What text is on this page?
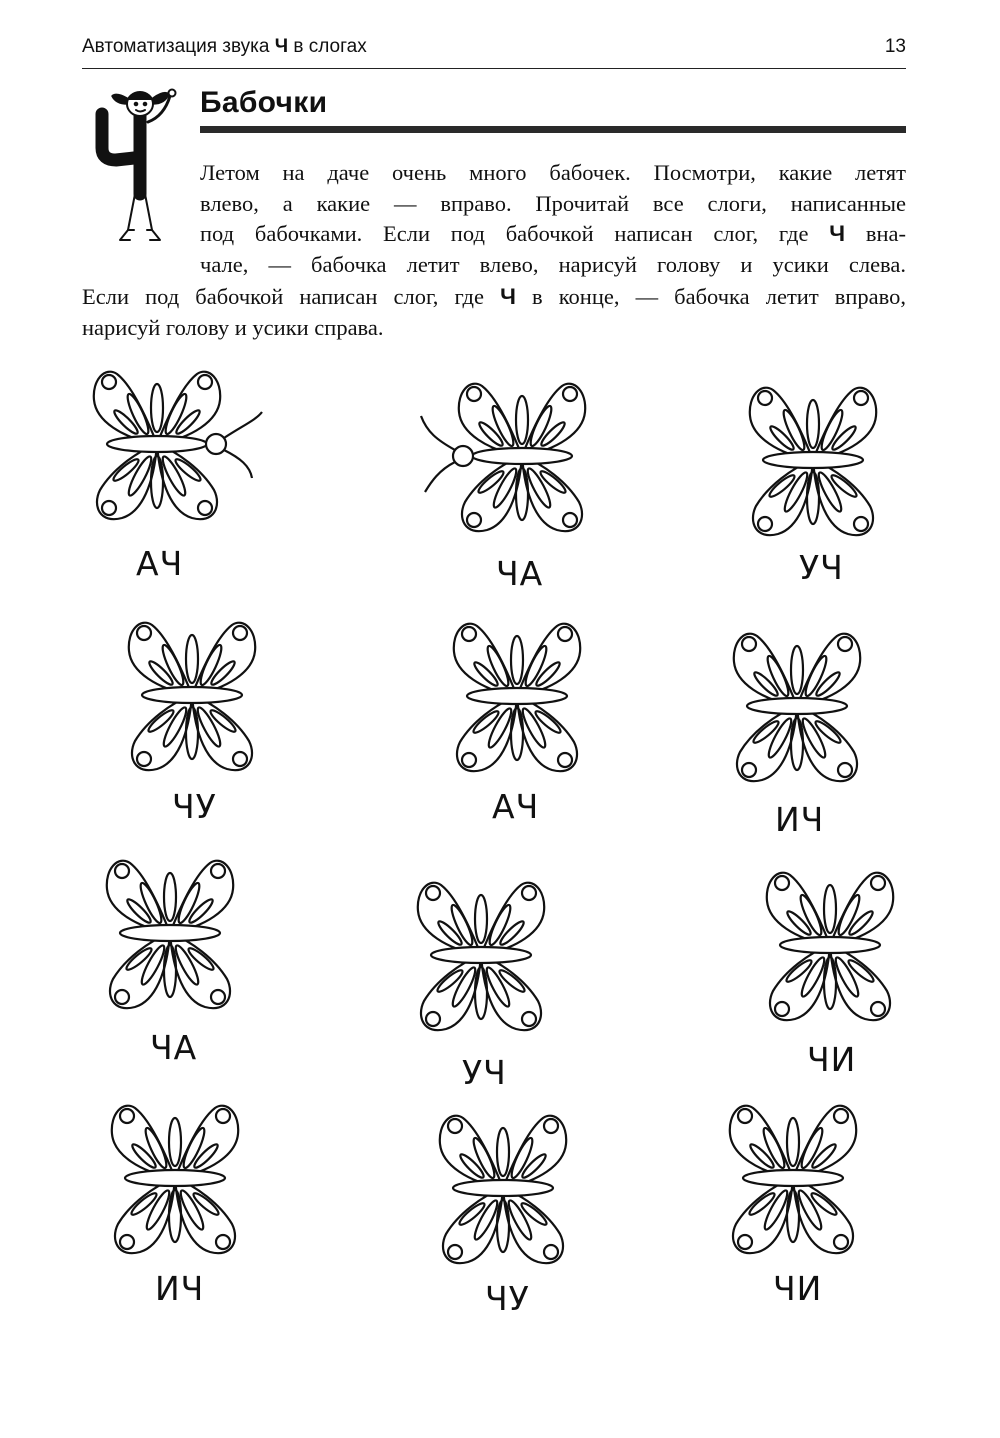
Автоматизация звука Ч в слогах	13
Бабочки
Летом на даче очень много бабочек. Посмотри, какие летят
влево, а какие — вправо. Прочитай все слоги, написанные
под бабочками. Если под бабочкой написан слог, где Ч вна-
чале, — бабочка летит влево, нарисуй голову и усики слева.
Если под бабочкой написан слог, где Ч в конце, — бабочка летит вправо,
нарисуй голову и усики справа.
АЧ	ЧА	УЧ
ЧУ	АЧ	ИЧ
ЧА
УЧ	ЧИ
ИЧ	ЧУ	ЧИ
